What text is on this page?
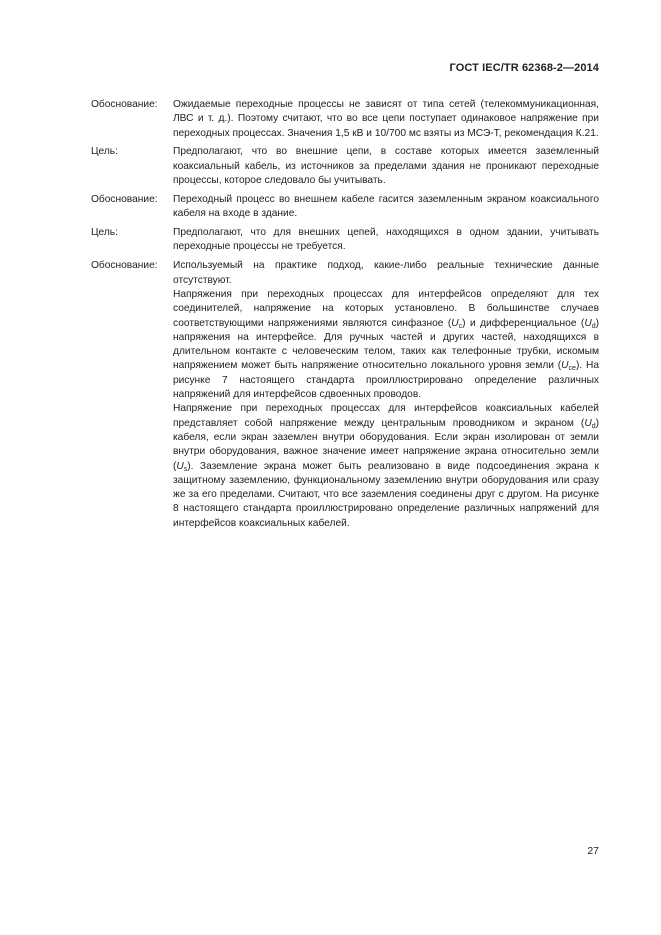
ГОСТ IEC/TR 62368-2—2014
Обоснование:	Ожидаемые переходные процессы не зависят от типа сетей (телекоммуникационная, ЛВС и т. д.). Поэтому считают, что во все цепи поступает одинаковое напряжение при переходных процессах. Значения 1,5 кВ и 10/700 мс взяты из МСЭ-Т, рекомендация К.21.
Цель:	Предполагают, что во внешние цепи, в составе которых имеется заземленный коаксиальный кабель, из источников за пределами здания не проникают переходные процессы, которое следовало бы учитывать.
Обоснование:	Переходный процесс во внешнем кабеле гасится заземленным экраном коаксиального кабеля на входе в здание.
Цель:	Предполагают, что для внешних цепей, находящихся в одном здании, учитывать переходные процессы не требуется.
Обоснование:	Используемый на практике подход, какие-либо реальные технические данные отсутствуют.

Напряжения при переходных процессах для интерфейсов определяют для тех соединителей, напряжение на которых установлено. В большинстве случаев соответствующими напряжениями являются синфазное $(U_c)$ и дифференциальное $(U_d)$ напряжения на интерфейсе. Для ручных частей и других частей, находящихся в длительном контакте с человеческим телом, таких как телефонные трубки, искомым напряжением может быть напряжение относительно локального уровня земли $(U_{ce})$. На рисунке 7 настоящего стандарта проиллюстрировано определение различных напряжений для интерфейсов сдвоенных проводов.

Напряжение при переходных процессах для интерфейсов коаксиальных кабелей представляет собой напряжение между центральным проводником и экраном $(U_d)$ кабеля, если экран заземлен внутри оборудования. Если экран изолирован от земли внутри оборудования, важное значение имеет напряжение экрана относительно земли $(U_s)$. Заземление экрана может быть реализовано в виде подсоединения экрана к защитному заземлению, функциональному заземлению внутри оборудования или сразу же за его пределами. Считают, что все заземления соединены друг с другом. На рисунке 8 настоящего стандарта проиллюстрировано определение различных напряжений для интерфейсов коаксиальных кабелей.

27
